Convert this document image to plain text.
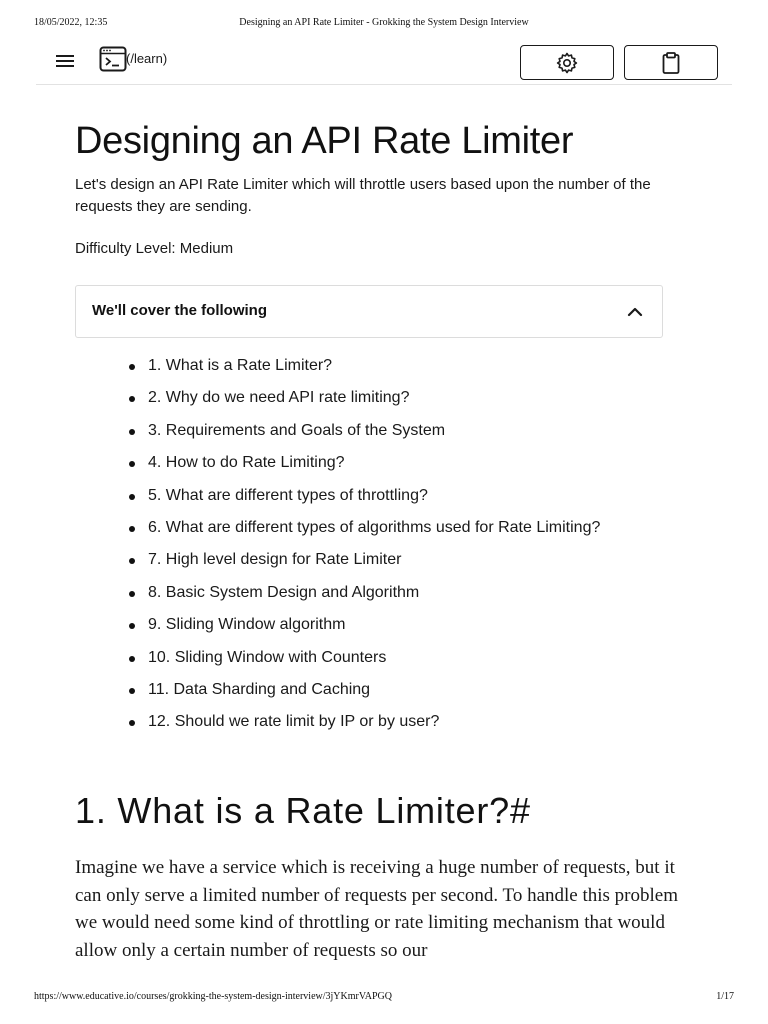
18/05/2022, 12:35	Designing an API Rate Limiter - Grokking the System Design Interview
(/learn)
Designing an API Rate Limiter

Let's design an API Rate Limiter which will throttle users based upon the number of the requests they are sending.

Difficulty Level: Medium

We'll cover the following
1. What is a Rate Limiter?
2. Why do we need API rate limiting?
3. Requirements and Goals of the System
4. How to do Rate Limiting?
5. What are different types of throttling?
6. What are different types of algorithms used for Rate Limiting?
7. High level design for Rate Limiter
8. Basic System Design and Algorithm
9. Sliding Window algorithm
10. Sliding Window with Counters
11. Data Sharding and Caching
12. Should we rate limit by IP or by user?
1. What is a Rate Limiter?#

Imagine we have a service which is receiving a huge number of requests, but it can only serve a limited number of requests per second. To handle this problem we would need some kind of throttling or rate limiting mechanism that would allow only a certain number of requests so our

https://www.educative.io/courses/grokking-the-system-design-interview/3jYKmrVAPGQ	1/17
